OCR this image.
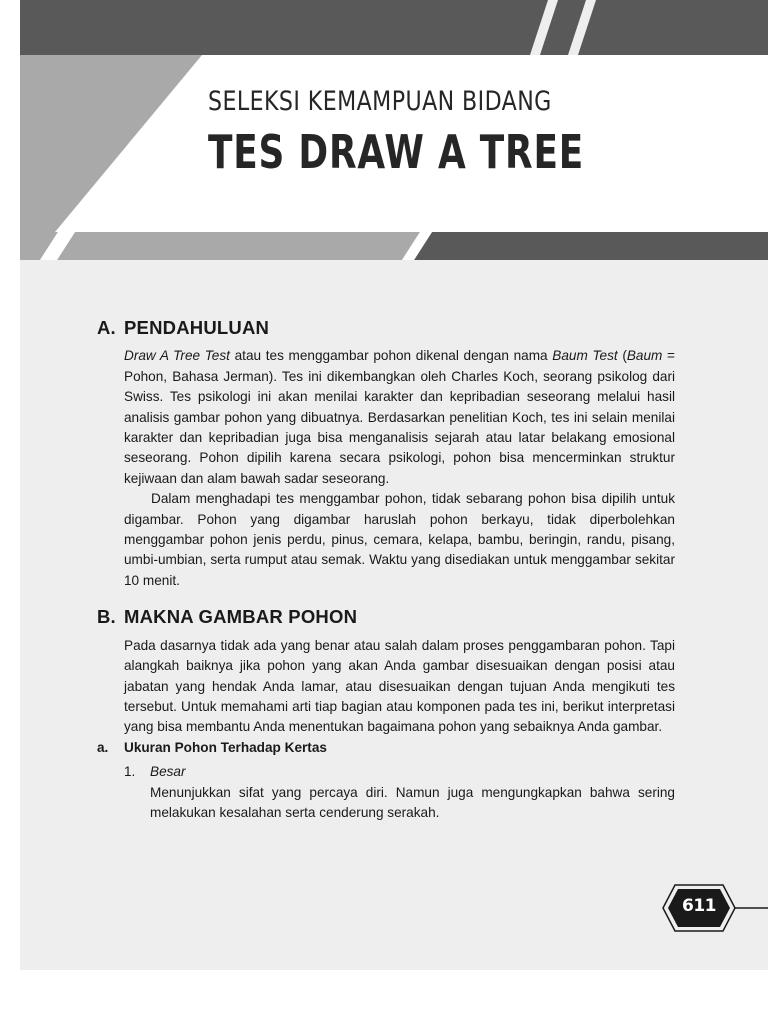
SELEKSI KEMAMPUAN BIDANG
TES DRAW A TREE
A. PENDAHULUAN

Draw A Tree Test atau tes menggambar pohon dikenal dengan nama Baum Test (Baum = Pohon, Bahasa Jerman). Tes ini dikembangkan oleh Charles Koch, seorang psikolog dari Swiss. Tes psikologi ini akan menilai karakter dan kepribadian seseorang melalui hasil analisis gambar pohon yang dibuatnya. Berdasarkan penelitian Koch, tes ini selain menilai karakter dan kepribadian juga bisa menganalisis sejarah atau latar belakang emosional seseorang. Pohon dipilih karena secara psikologi, pohon bisa mencerminkan struktur kejiwaan dan alam bawah sadar seseorang.

Dalam menghadapi tes menggambar pohon, tidak sebarang pohon bisa dipilih untuk digambar. Pohon yang digambar haruslah pohon berkayu, tidak diperbolehkan menggambar pohon jenis perdu, pinus, cemara, kelapa, bambu, beringin, randu, pisang, umbi-umbian, serta rumput atau semak. Waktu yang disediakan untuk menggambar sekitar 10 menit.

B. MAKNA GAMBAR POHON

Pada dasarnya tidak ada yang benar atau salah dalam proses penggambaran pohon. Tapi alangkah baiknya jika pohon yang akan Anda gambar disesuaikan dengan posisi atau jabatan yang hendak Anda lamar, atau disesuaikan dengan tujuan Anda mengikuti tes tersebut. Untuk memahami arti tiap bagian atau komponen pada tes ini, berikut interpretasi yang bisa membantu Anda menentukan bagaimana pohon yang sebaiknya Anda gambar.

a.	Ukuran Pohon Terhadap Kertas
1.	Besar
Menunjukkan sifat yang percaya diri. Namun juga mengungkapkan bahwa sering melakukan kesalahan serta cenderung serakah.
611
